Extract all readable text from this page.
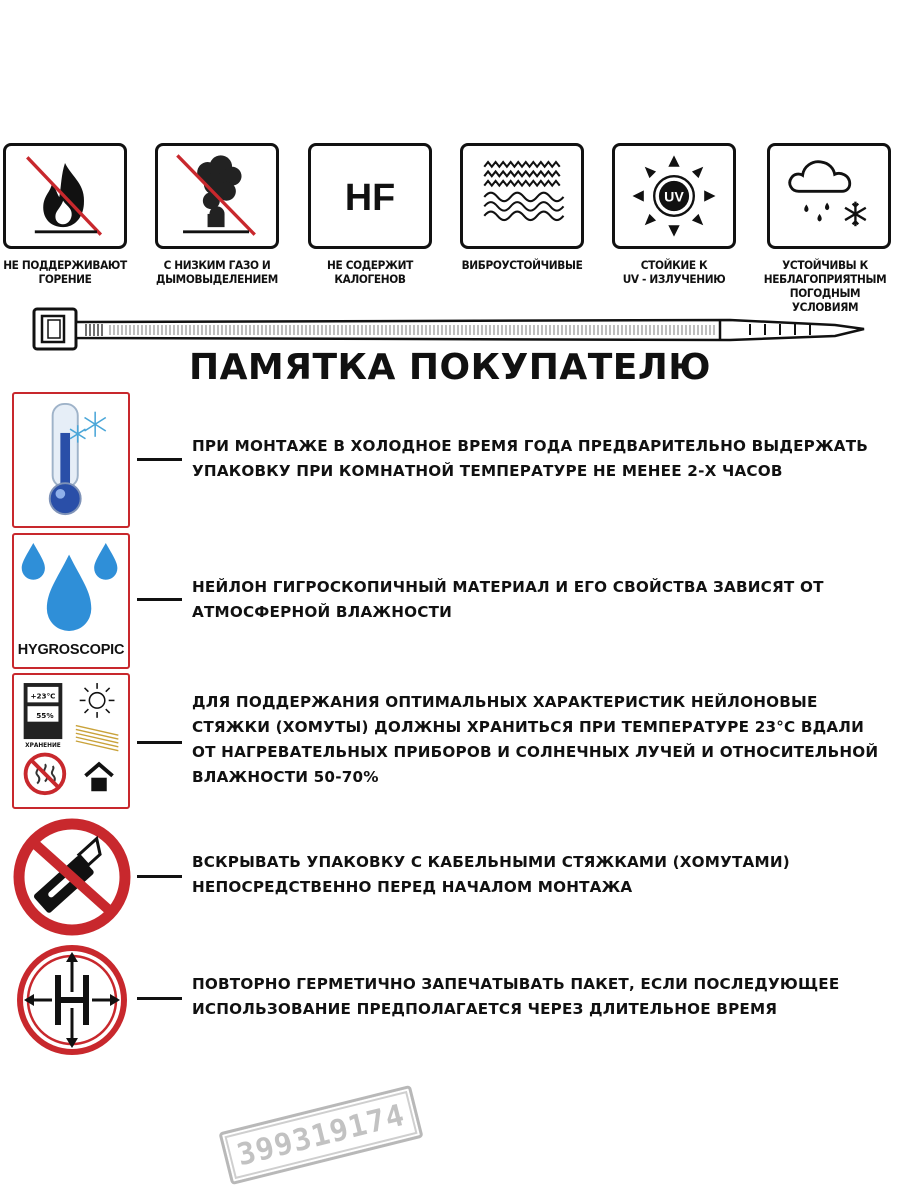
HF	UV
НЕ ПОДДЕРЖИВАЮТ
ГОРЕНИЕ
С НИЗКИМ ГАЗО И
ДЫМОВЫДЕЛЕНИЕМ
НЕ СОДЕРЖИТ
КАЛОГЕНОВ
ВИБРОУСТОЙЧИВЫЕ	СТОЙКИЕ К
UV - ИЗЛУЧЕНИЮ
УСТОЙЧИВЫ К
НЕБЛАГОПРИЯТНЫМ
ПОГОДНЫМ УСЛОВИЯМ
ПАМЯТКА ПОКУПАТЕЛЮ
ПРИ МОНТАЖЕ В ХОЛОДНОЕ ВРЕМЯ ГОДА ПРЕДВАРИТЕЛЬНО ВЫДЕРЖАТЬ УПАКОВКУ ПРИ КОМНАТНОЙ ТЕМПЕРАТУРЕ НЕ МЕНЕЕ 2-Х ЧАСОВ
HYGROSCOPIC
НЕЙЛОН ГИГРОСКОПИЧНЫЙ МАТЕРИАЛ И ЕГО СВОЙСТВА ЗАВИСЯТ ОТ АТМОСФЕРНОЙ ВЛАЖНОСТИ
+23°C
55%
ХРАНЕНИЕ
ДЛЯ ПОДДЕРЖАНИЯ ОПТИМАЛЬНЫХ ХАРАКТЕРИСТИК НЕЙЛОНОВЫЕ СТЯЖКИ (ХОМУТЫ) ДОЛЖНЫ ХРАНИТЬСЯ ПРИ ТЕМПЕРАТУРЕ 23°С ВДАЛИ ОТ НАГРЕВАТЕЛЬНЫХ ПРИБОРОВ И СОЛНЕЧНЫХ ЛУЧЕЙ И ОТНОСИТЕЛЬНОЙ ВЛАЖНОСТИ 50-70%
ВСКРЫВАТЬ УПАКОВКУ С КАБЕЛЬНЫМИ СТЯЖКАМИ (ХОМУТАМИ) НЕПОСРЕДСТВЕННО ПЕРЕД НАЧАЛОМ МОНТАЖА
ПОВТОРНО ГЕРМЕТИЧНО ЗАПЕЧАТЫВАТЬ ПАКЕТ, ЕСЛИ ПОСЛЕДУЮЩЕЕ ИСПОЛЬЗОВАНИЕ ПРЕДПОЛАГАЕТСЯ ЧЕРЕЗ ДЛИТЕЛЬНОЕ ВРЕМЯ
399319174
